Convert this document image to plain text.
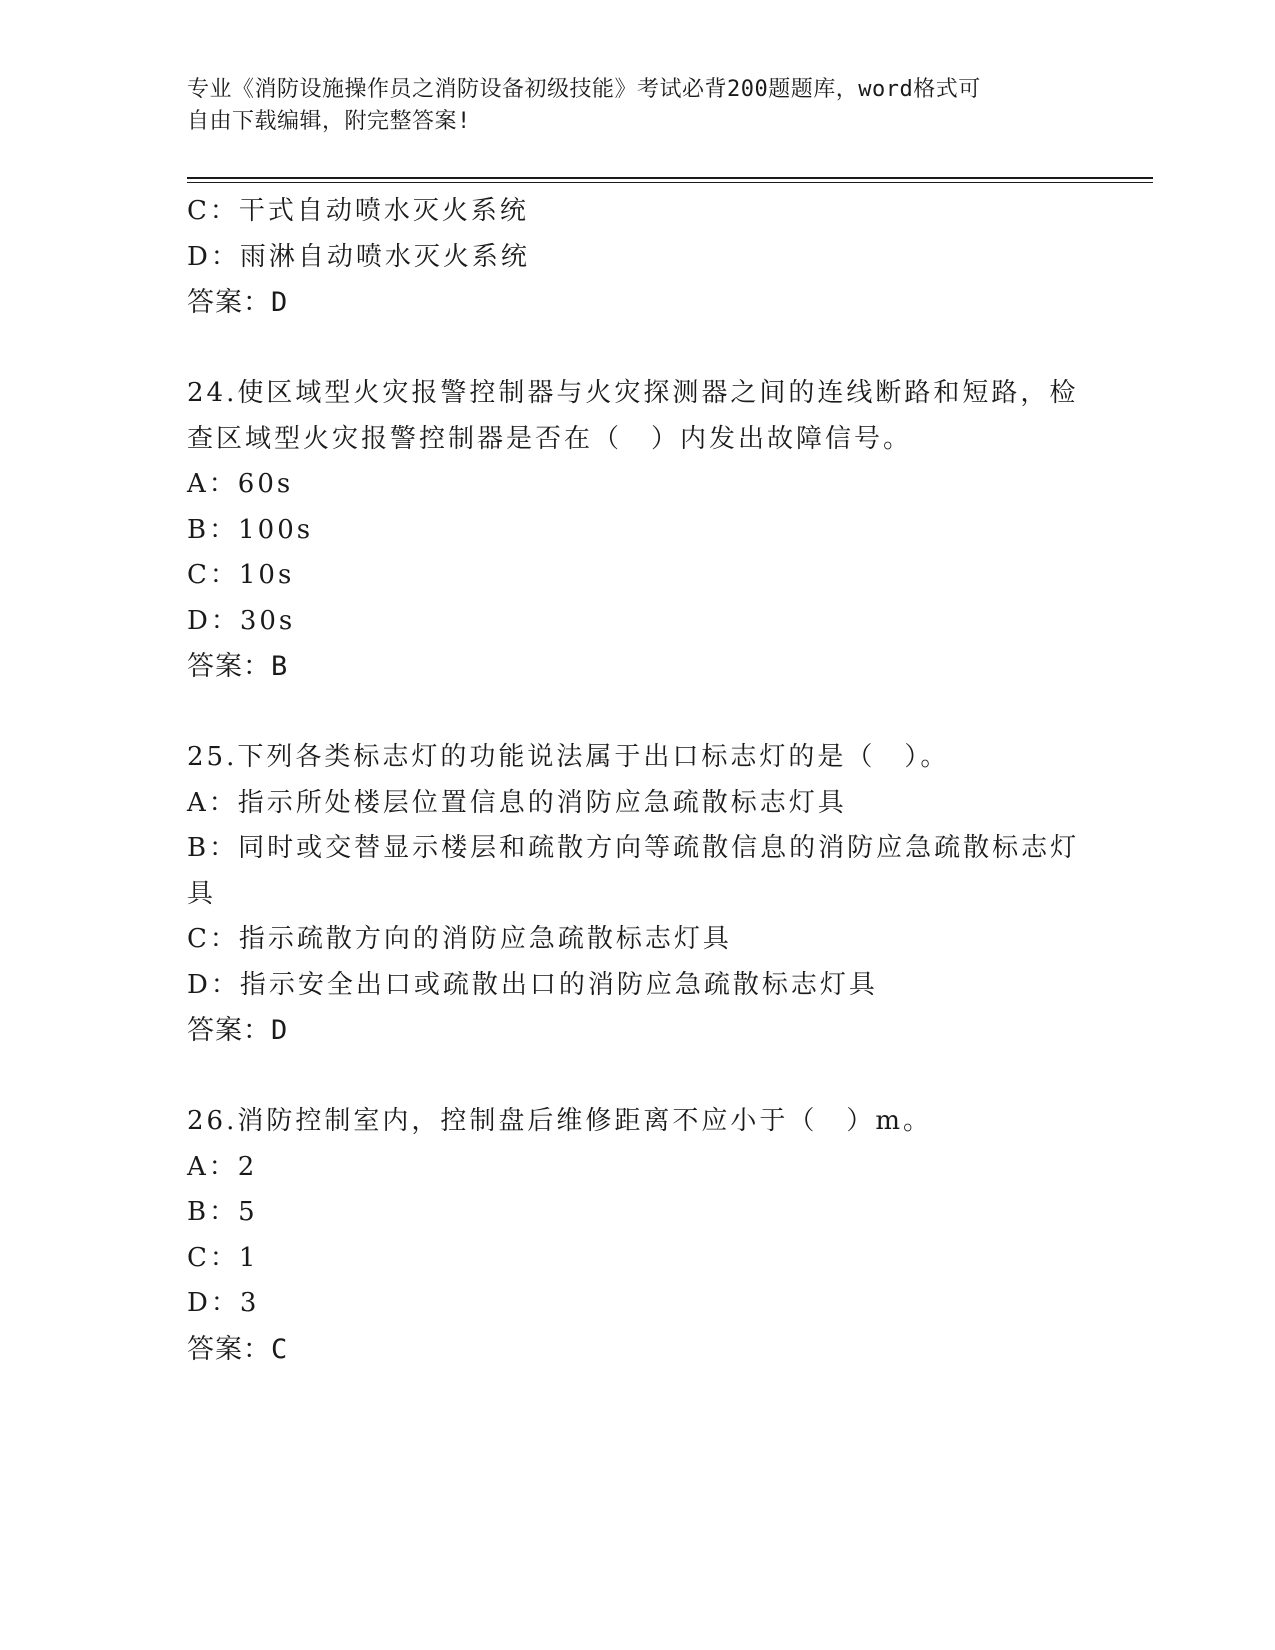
专业《消防设施操作员之消防设备初级技能》考试必背200题题库，word格式可
自由下载编辑，附完整答案!
C：干式自动喷水灭火系统
D：雨淋自动喷水灭火系统
答案：D
24.使区域型火灾报警控制器与火灾探测器之间的连线断路和短路，检
查区域型火灾报警控制器是否在（　）内发出故障信号。
A：60s
B：100s
C：10s
D：30s
答案：B
25.下列各类标志灯的功能说法属于出口标志灯的是（　）。
A：指示所处楼层位置信息的消防应急疏散标志灯具
B：同时或交替显示楼层和疏散方向等疏散信息的消防应急疏散标志灯
具
C：指示疏散方向的消防应急疏散标志灯具
D：指示安全出口或疏散出口的消防应急疏散标志灯具
答案：D
26.消防控制室内，控制盘后维修距离不应小于（　）m。
A：2
B：5
C：1
D：3
答案：C
